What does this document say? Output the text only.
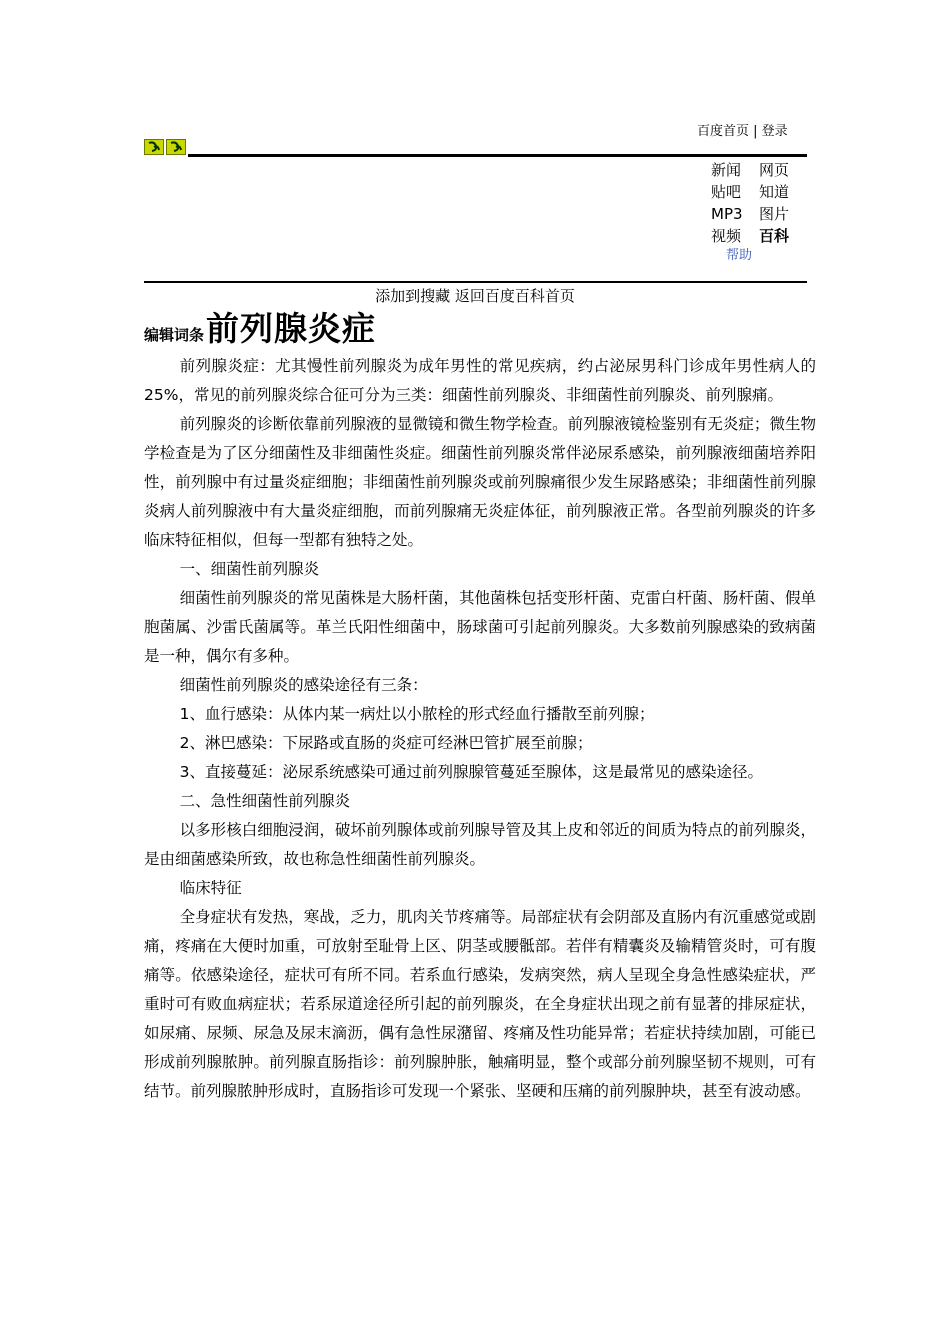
百度首页 | 登录
新闻	网页
贴吧	知道
MP3	图片
视频	百科
帮助
添加到搜藏 返回百度百科首页
编辑词条 前列腺炎症

前列腺炎症：尤其慢性前列腺炎为成年男性的常见疾病，约占泌尿男科门诊成年男性病人的25%，常见的前列腺炎综合征可分为三类：细菌性前列腺炎、非细菌性前列腺炎、前列腺痛。

前列腺炎的诊断依靠前列腺液的显微镜和微生物学检查。前列腺液镜检鉴别有无炎症；微生物学检查是为了区分细菌性及非细菌性炎症。细菌性前列腺炎常伴泌尿系感染，前列腺液细菌培养阳性，前列腺中有过量炎症细胞；非细菌性前列腺炎或前列腺痛很少发生尿路感染；非细菌性前列腺炎病人前列腺液中有大量炎症细胞，而前列腺痛无炎症体征，前列腺液正常。各型前列腺炎的许多临床特征相似，但每一型都有独特之处。

一、细菌性前列腺炎

细菌性前列腺炎的常见菌株是大肠杆菌，其他菌株包括变形杆菌、克雷白杆菌、肠杆菌、假单胞菌属、沙雷氏菌属等。革兰氏阳性细菌中，肠球菌可引起前列腺炎。大多数前列腺感染的致病菌是一种，偶尔有多种。

细菌性前列腺炎的感染途径有三条：

1、血行感染：从体内某一病灶以小脓栓的形式经血行播散至前列腺；

2、淋巴感染：下尿路或直肠的炎症可经淋巴管扩展至前腺；

3、直接蔓延：泌尿系统感染可通过前列腺腺管蔓延至腺体，这是最常见的感染途径。

二、急性细菌性前列腺炎

以多形核白细胞浸润，破坏前列腺体或前列腺导管及其上皮和邻近的间质为特点的前列腺炎，是由细菌感染所致，故也称急性细菌性前列腺炎。

临床特征

全身症状有发热，寒战，乏力，肌肉关节疼痛等。局部症状有会阴部及直肠内有沉重感觉或剧痛，疼痛在大便时加重，可放射至耻骨上区、阴茎或腰骶部。若伴有精囊炎及输精管炎时，可有腹痛等。依感染途径，症状可有所不同。若系血行感染，发病突然，病人呈现全身急性感染症状，严重时可有败血病症状；若系尿道途径所引起的前列腺炎，在全身症状出现之前有显著的排尿症状，如尿痛、尿频、尿急及尿末滴沥，偶有急性尿潴留、疼痛及性功能异常；若症状持续加剧，可能已形成前列腺脓肿。前列腺直肠指诊：前列腺肿胀，触痛明显，整个或部分前列腺坚韧不规则，可有结节。前列腺脓肿形成时，直肠指诊可发现一个紧张、坚硬和压痛的前列腺肿块，甚至有波动感。
